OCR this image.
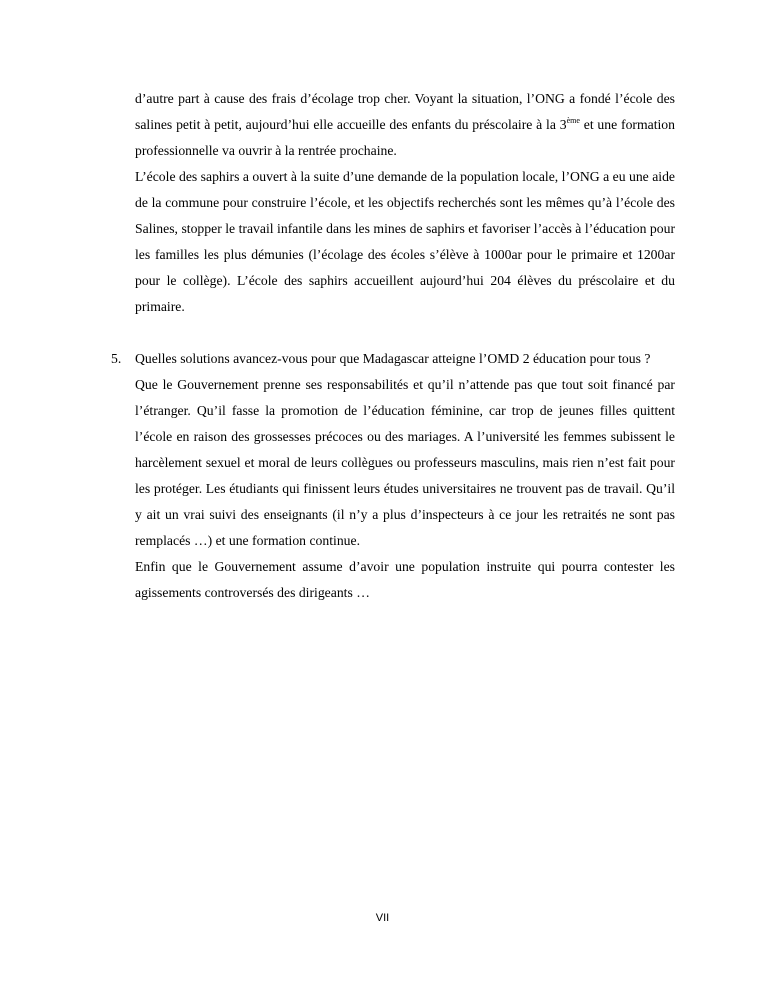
d’autre part à cause des frais d’écolage trop cher. Voyant la situation, l’ONG a fondé l’école des salines petit à petit, aujourd’hui elle accueille des enfants du préscolaire à la 3ème et une formation professionnelle va ouvrir à la rentrée prochaine.

L’école des saphirs a ouvert à la suite d’une demande de la population locale, l’ONG a eu une aide de la commune pour construire l’école, et les objectifs recherchés sont les mêmes qu’à l’école des Salines, stopper le travail infantile dans les mines de saphirs et favoriser l’accès à l’éducation pour les familles les plus démunies (l’écolage des écoles s’élève à 1000ar pour le primaire et 1200ar pour le collège). L’école des saphirs accueillent aujourd’hui 204 élèves du préscolaire et du primaire.

5. Quelles solutions avancez-vous pour que Madagascar atteigne l’OMD 2 éducation pour tous ?

Que le Gouvernement prenne ses responsabilités et qu’il n’attende pas que tout soit financé par l’étranger. Qu’il fasse la promotion de l’éducation féminine, car trop de jeunes filles quittent l’école en raison des grossesses précoces ou des mariages. A l’université les femmes subissent le harcèlement sexuel et moral de leurs collègues ou professeurs masculins, mais rien n’est fait pour les protéger. Les étudiants qui finissent leurs études universitaires ne trouvent pas de travail. Qu’il y ait un vrai suivi des enseignants (il n’y a plus d’inspecteurs à ce jour les retraités ne sont pas remplacés …) et une formation continue.

Enfin que le Gouvernement assume d’avoir une population instruite qui pourra contester les agissements controversés des dirigeants …

VII
